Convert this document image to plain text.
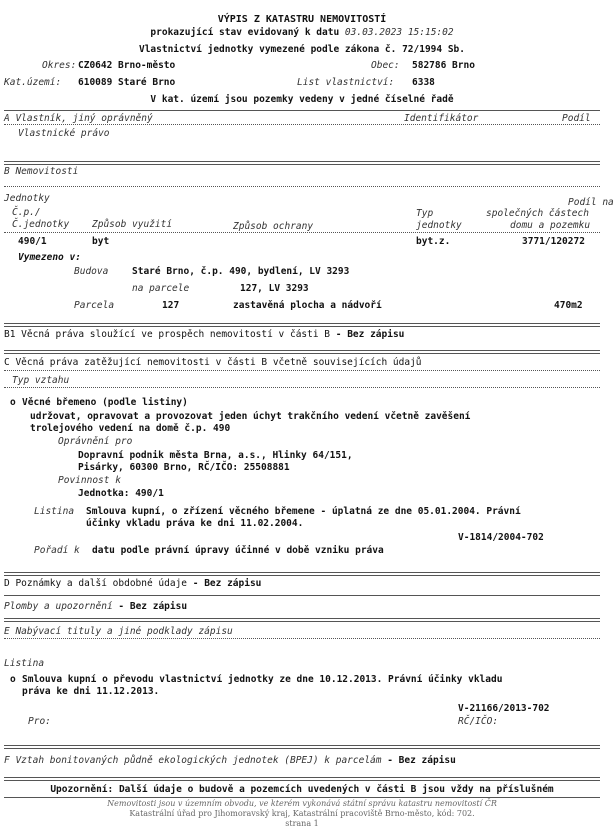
VÝPIS Z KATASTRU NEMOVITOSTÍ
prokazující stav evidovaný k datu 03.03.2023 15:15:02
Vlastnictví jednotky vymezené podle zákona č. 72/1994 Sb.
Okres: CZ0642 Brno-město	Obec: 582786 Brno
Kat.území: 610089 Staré Brno	List vlastnictví: 6338
V kat. území jsou pozemky vedeny v jedné číselné řadě
A Vlastník, jiný oprávněný	Identifikátor	Podíl
Vlastnické právo
B Nemovitosti
Jednotky	Podíl na
Č.p./	Typ	společných částech
Č.jednotky Způsob využití	Způsob ochrany	jednotky	domu a pozemku
490/1	byt	byt.z.	3771/120272
Vymezeno v:
Budova Staré Brno, č.p. 490, bydlení, LV 3293
na parcele	127, LV 3293
Parcela	127	zastavěná plocha a nádvoří	470m2
B1 Věcná práva sloužící ve prospěch nemovitostí v části B - Bez zápisu
C Věcná práva zatěžující nemovitosti v části B včetně souvisejících údajů
Typ vztahu
o Věcné břemeno (podle listiny)
udržovat, opravovat a provozovat jeden úchyt trakčního vedení včetně zavěšení
trolejového vedení na domě č.p. 490
Oprávnění pro
Dopravní podnik města Brna, a.s., Hlinky 64/151,
Pisárky, 60300 Brno, RČ/IČO: 25508881
Povinnost k
Jednotka: 490/1
Listina Smlouva kupní, o zřízení věcného břemene - úplatná ze dne 05.01.2004. Právní
účinky vkladu práva ke dni 11.02.2004.
V-1814/2004-702
Pořadí k datu podle právní úpravy účinné v době vzniku práva
D Poznámky a další obdobné údaje - Bez zápisu
Plomby a upozornění - Bez zápisu
E Nabývací tituly a jiné podklady zápisu
Listina
o Smlouva kupní o převodu vlastnictví jednotky ze dne 10.12.2013. Právní účinky vkladu
práva ke dni 11.12.2013.
V-21166/2013-702
Pro:	RČ/IČO:
F Vztah bonitovaných půdně ekologických jednotek (BPEJ) k parcelám - Bez zápisu
Upozornění: Další údaje o budově a pozemcích uvedených v části B jsou vždy na příslušném
Nemovitosti jsou v územním obvodu, ve kterém vykonává státní správu katastru nemovitostí ČR
Katastrální úřad pro Jihomoravský kraj, Katastrální pracoviště Brno-město, kód: 702.
strana 1
